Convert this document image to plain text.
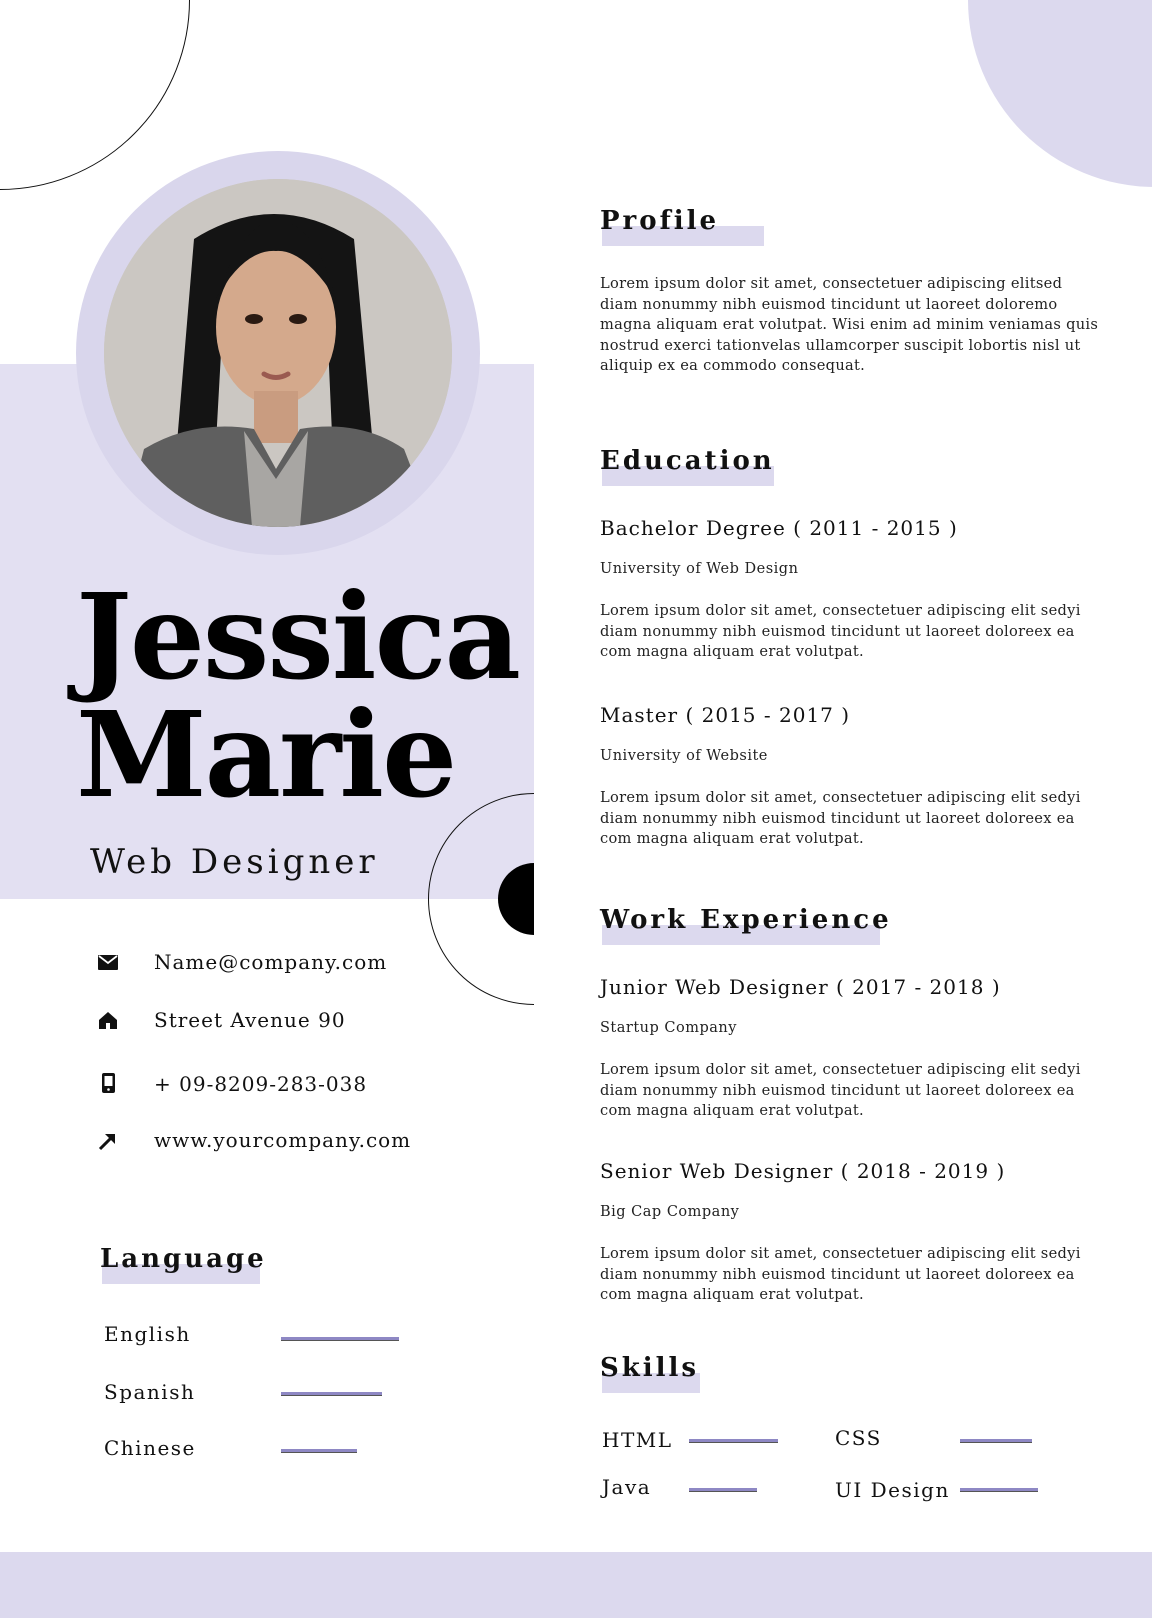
Jessica
Marie
Web Designer
Name@company.com
Street Avenue 90
+ 09-8209-283-038
www.yourcompany.com
Language
English
Spanish
Chinese
Profile
Lorem ipsum dolor sit amet, consectetuer adipiscing elitsed diam nonummy nibh euismod tincidunt ut laoreet doloremo magna aliquam erat volutpat. Wisi enim ad minim veniamas quis nostrud exerci tationvelas ullamcorper suscipit lobortis nisl ut aliquip ex ea commodo consequat.
Education
Bachelor Degree ( 2011 - 2015 )
University of Web Design
Lorem ipsum dolor sit amet, consectetuer adipiscing elit sedyi diam nonummy nibh euismod tincidunt ut laoreet doloreex ea com magna aliquam erat volutpat.
Master ( 2015 - 2017 )
University of Website
Lorem ipsum dolor sit amet, consectetuer adipiscing elit sedyi diam nonummy nibh euismod tincidunt ut laoreet doloreex ea com magna aliquam erat volutpat.
Work Experience
Junior Web Designer ( 2017 - 2018 )
Startup Company
Lorem ipsum dolor sit amet, consectetuer adipiscing elit sedyi diam nonummy nibh euismod tincidunt ut laoreet doloreex ea com magna aliquam erat volutpat.
Senior Web Designer ( 2018 - 2019 )
Big Cap Company
Lorem ipsum dolor sit amet, consectetuer adipiscing elit sedyi diam nonummy nibh euismod tincidunt ut laoreet doloreex ea com magna aliquam erat volutpat.
Skills
HTML	CSS
Java	UI Design
